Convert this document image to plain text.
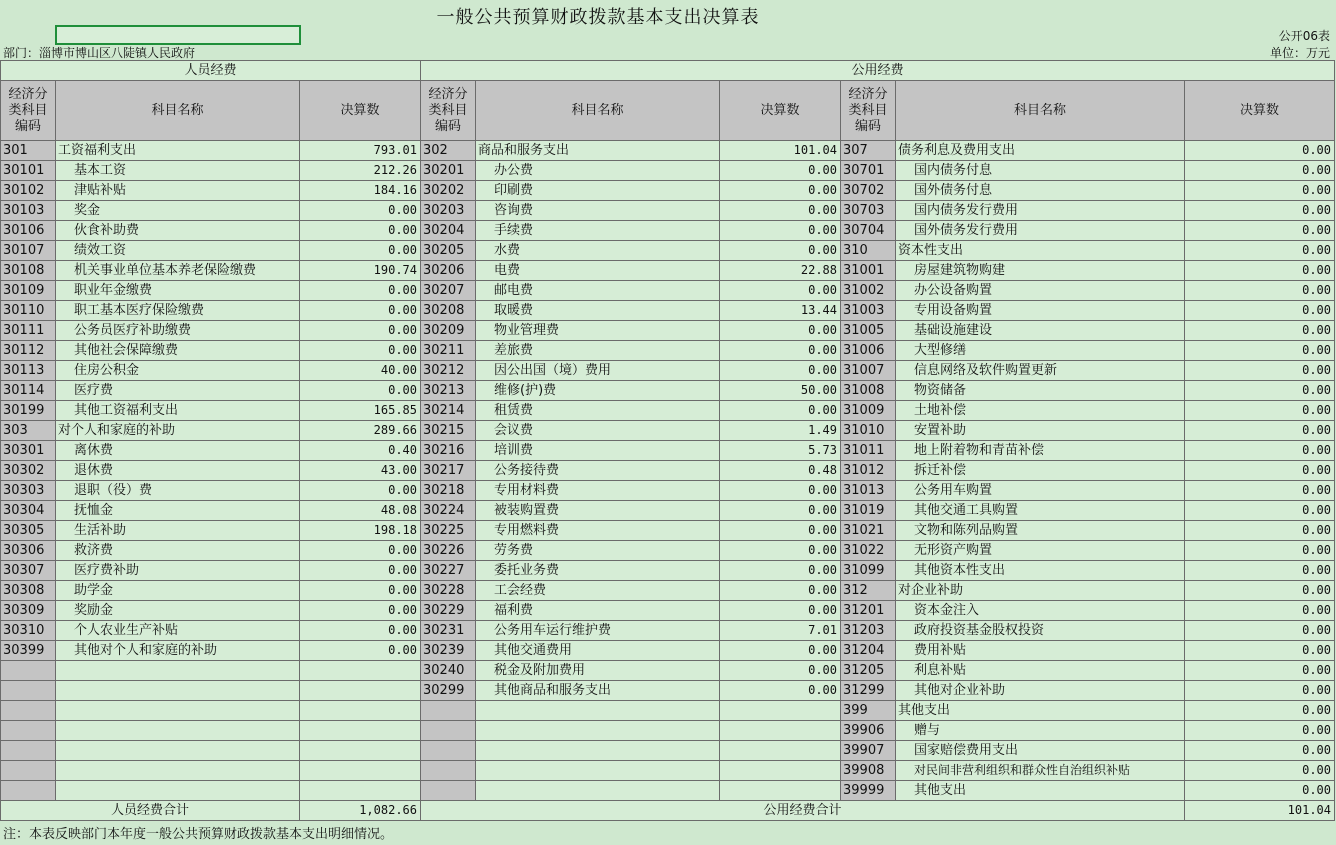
一般公共预算财政拨款基本支出决算表
公开06表
部门：淄博市博山区八陡镇人民政府	单位：万元
人员经费			公用经费					
经济分类科目编码	科目名称	决算数	经济分类科目编码	科目名称	决算数	经济分类科目编码	科目名称	决算数
301	工资福利支出	793.01	302	商品和服务支出	101.04	307	债务利息及费用支出	0.00
30101	基本工资	212.26	30201	办公费	0.00	30701	国内债务付息	0.00
30102	津贴补贴	184.16	30202	印刷费	0.00	30702	国外债务付息	0.00
30103	奖金	0.00	30203	咨询费	0.00	30703	国内债务发行费用	0.00
30106	伙食补助费	0.00	30204	手续费	0.00	30704	国外债务发行费用	0.00
30107	绩效工资	0.00	30205	水费	0.00	310	资本性支出	0.00
30108	机关事业单位基本养老保险缴费	190.74	30206	电费	22.88	31001	房屋建筑物购建	0.00
30109	职业年金缴费	0.00	30207	邮电费	0.00	31002	办公设备购置	0.00
30110	职工基本医疗保险缴费	0.00	30208	取暖费	13.44	31003	专用设备购置	0.00
30111	公务员医疗补助缴费	0.00	30209	物业管理费	0.00	31005	基础设施建设	0.00
30112	其他社会保障缴费	0.00	30211	差旅费	0.00	31006	大型修缮	0.00
30113	住房公积金	40.00	30212	因公出国（境）费用	0.00	31007	信息网络及软件购置更新	0.00
30114	医疗费	0.00	30213	维修(护)费	50.00	31008	物资储备	0.00
30199	其他工资福利支出	165.85	30214	租赁费	0.00	31009	土地补偿	0.00
303	对个人和家庭的补助	289.66	30215	会议费	1.49	31010	安置补助	0.00
30301	离休费	0.40	30216	培训费	5.73	31011	地上附着物和青苗补偿	0.00
30302	退休费	43.00	30217	公务接待费	0.48	31012	拆迁补偿	0.00
30303	退职（役）费	0.00	30218	专用材料费	0.00	31013	公务用车购置	0.00
30304	抚恤金	48.08	30224	被装购置费	0.00	31019	其他交通工具购置	0.00
30305	生活补助	198.18	30225	专用燃料费	0.00	31021	文物和陈列品购置	0.00
30306	救济费	0.00	30226	劳务费	0.00	31022	无形资产购置	0.00
30307	医疗费补助	0.00	30227	委托业务费	0.00	31099	其他资本性支出	0.00
30308	助学金	0.00	30228	工会经费	0.00	312	对企业补助	0.00
30309	奖励金	0.00	30229	福利费	0.00	31201	资本金注入	0.00
30310	个人农业生产补贴	0.00	30231	公务用车运行维护费	7.01	31203	政府投资基金股权投资	0.00
30399	其他对个人和家庭的补助	0.00	30239	其他交通费用	0.00	31204	费用补贴	0.00
			30240	税金及附加费用	0.00	31205	利息补贴	0.00
			30299	其他商品和服务支出	0.00	31299	其他对企业补助	0.00
						399	其他支出	0.00
						39906	赠与	0.00
						39907	国家赔偿费用支出	0.00
						39908	对民间非营利组织和群众性自治组织补贴	0.00
						39999	其他支出	0.00
人员经费合计		1,082.66	公用经费合计					101.04
注：本表反映部门本年度一般公共预算财政拨款基本支出明细情况。
